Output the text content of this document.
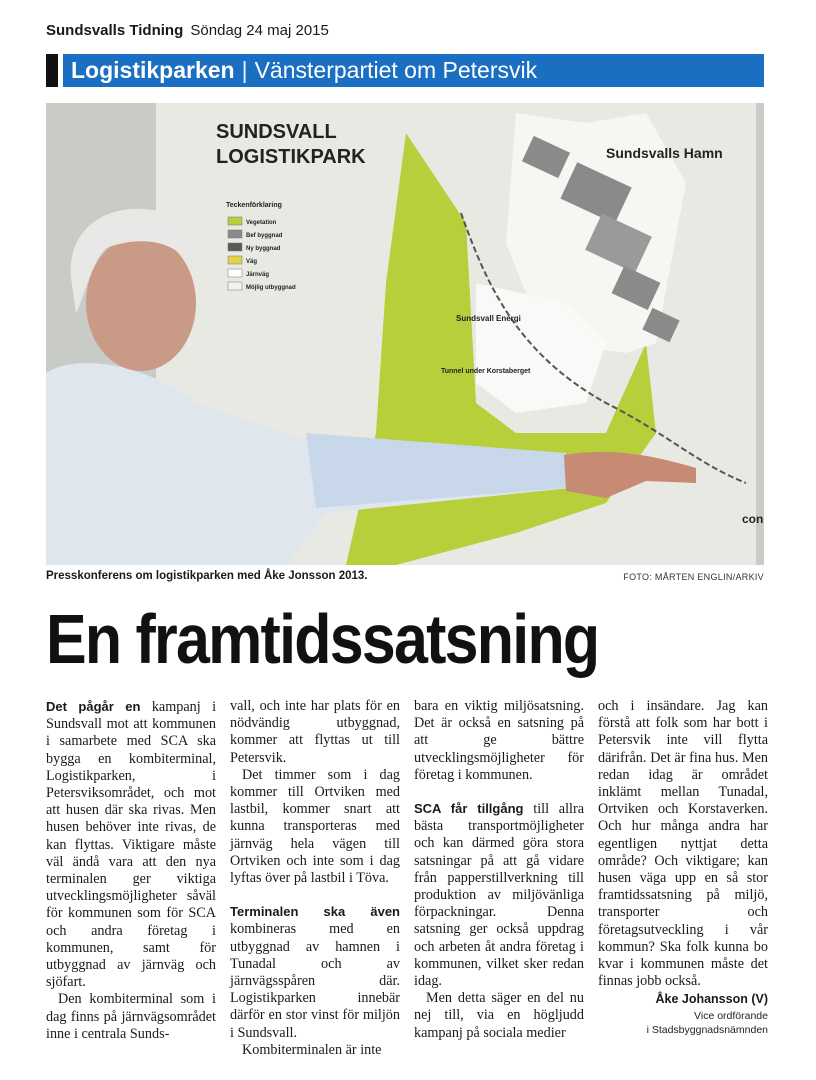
Sundsvalls Tidning Söndag 24 maj 2015
Logistikparken | Vänsterpartiet om Petersvik
SUNDSVALL
LOGISTIKPARK	Sundsvalls Hamn
Sundsvall Energi
Tunnel under Korstaberget
con
Teckenförklaring
Vegetation
Bef byggnad
Ny byggnad
Väg
Järnväg
Möjlig utbyggnad
Presskonferens om logistikparken med Åke Jonsson 2013.	FOTO: MÅRTEN ENGLIN/ARKIV
En framtidssatsning

Det pågår en kampanj i Sundsvall mot att kommunen i samarbete med SCA ska bygga en kombiterminal, Logistikparken, i Petersviksområdet, och mot att husen där ska rivas. Men husen behöver inte rivas, de kan flyttas. Viktigare måste väl ändå vara att den nya terminalen ger viktiga utvecklingsmöjligheter såväl för kommunen som för SCA och andra företag i kommunen, samt för utbyggnad av järnväg och sjöfart.

Den kombiterminal som i dag finns på järnvägsområdet inne i centrala Sunds-

vall, och inte har plats för en nödvändig utbyggnad, kommer att flyttas ut till Petersvik.

Det timmer som i dag kommer till Ortviken med lastbil, kommer snart att kunna transporteras med järnväg hela vägen till Ortviken och inte som i dag lyftas över på lastbil i Töva.

Terminalen ska även kombineras med en utbyggnad av hamnen i Tunadal och av järnvägsspåren där. Logistikparken innebär därför en stor vinst för miljön i Sundsvall.

Kombiterminalen är inte

bara en viktig miljösatsning. Det är också en satsning på att ge bättre utvecklingsmöjligheter för företag i kommunen.

SCA får tillgång till allra bästa transportmöjligheter och kan därmed göra stora satsningar på att gå vidare från papperstillverkning till produktion av miljövänliga förpackningar. Denna satsning ger också uppdrag och arbeten åt andra företag i kommunen, vilket sker redan idag.

Men detta säger en del nu nej till, via en högljudd kampanj på sociala medier

och i insändare. Jag kan förstå att folk som har bott i Petersvik inte vill flytta därifrån. Det är fina hus. Men redan idag är området inklämt mellan Tunadal, Ortviken och Korstaverken. Och hur många andra har egentligen nyttjat detta område? Och viktigare; kan husen väga upp en så stor framtidssatsning på miljö, transporter och företagsutveckling i vår kommun? Ska folk kunna bo kvar i kommunen måste det finnas jobb också.

Åke Johansson (V)
Vice ordförande
i Stadsbyggnadsnämnden
